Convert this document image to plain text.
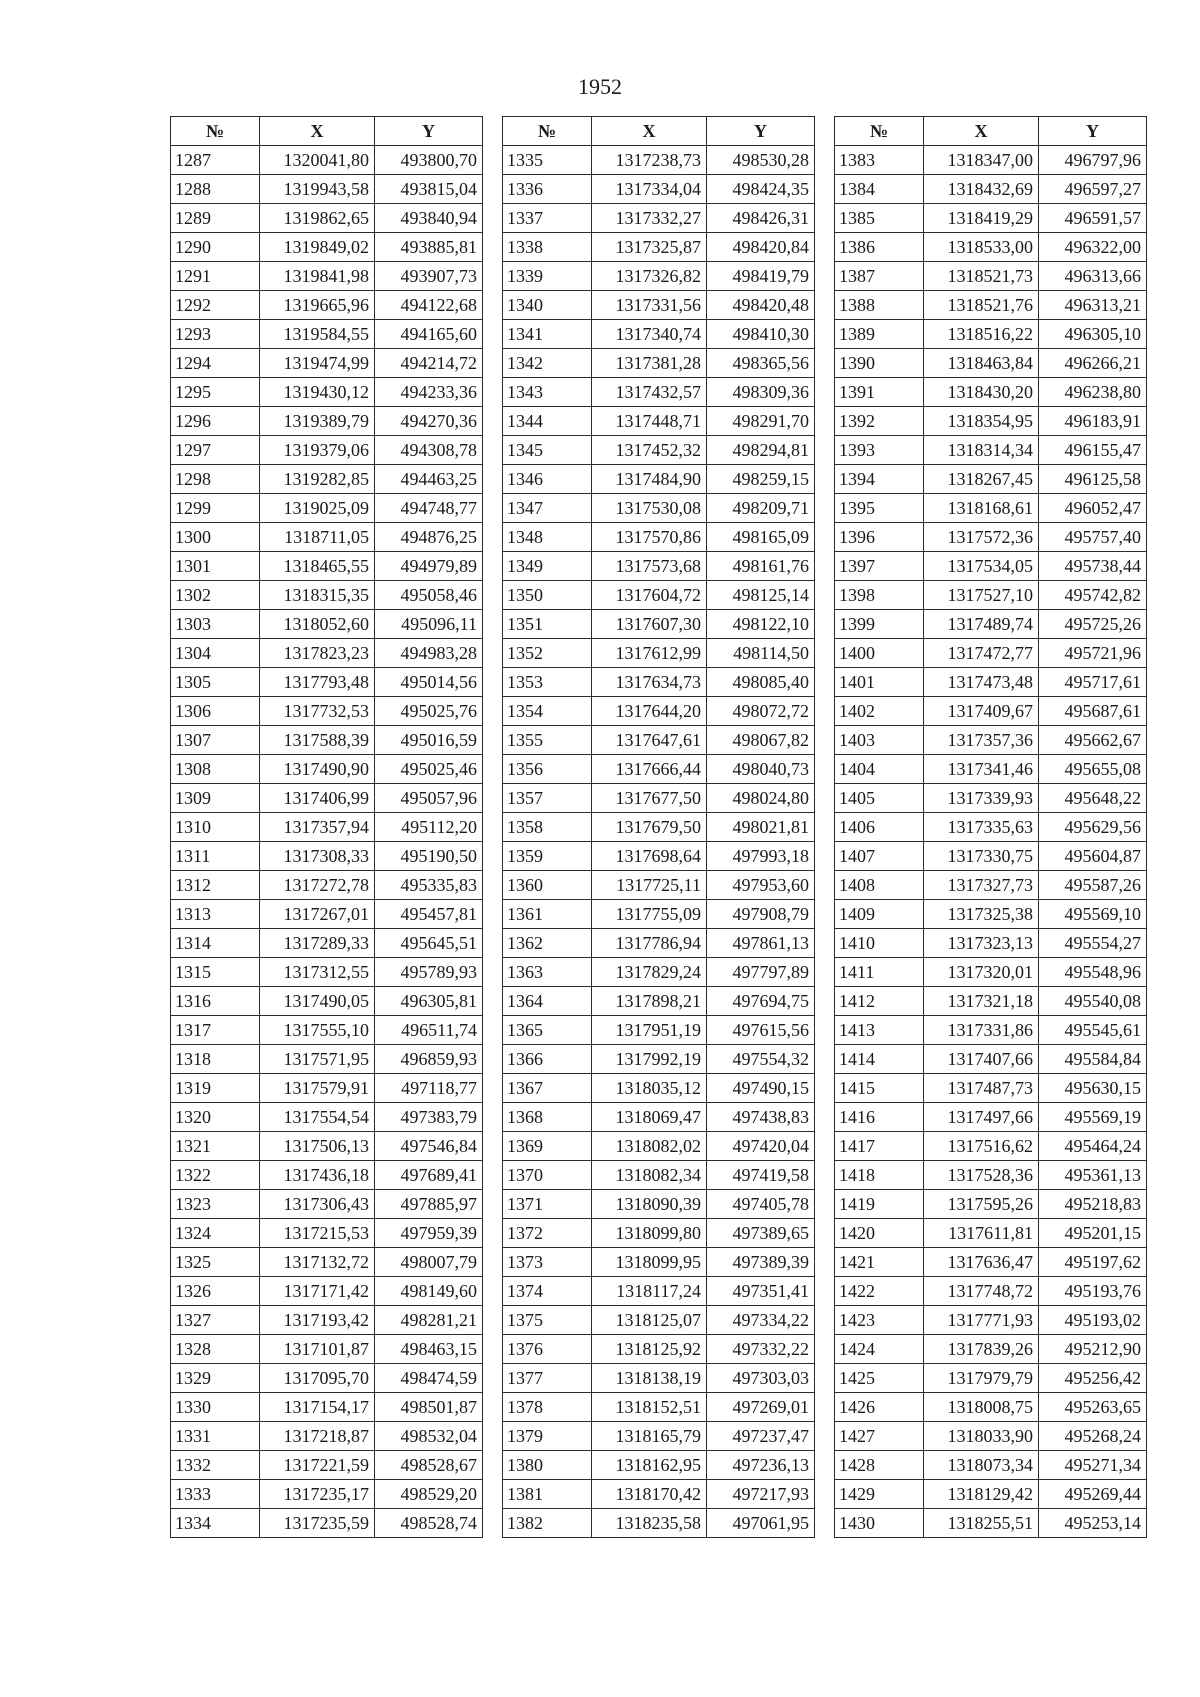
1952
№	X	Y
1287	1320041,80	493800,70
1288	1319943,58	493815,04
1289	1319862,65	493840,94
1290	1319849,02	493885,81
1291	1319841,98	493907,73
1292	1319665,96	494122,68
1293	1319584,55	494165,60
1294	1319474,99	494214,72
1295	1319430,12	494233,36
1296	1319389,79	494270,36
1297	1319379,06	494308,78
1298	1319282,85	494463,25
1299	1319025,09	494748,77
1300	1318711,05	494876,25
1301	1318465,55	494979,89
1302	1318315,35	495058,46
1303	1318052,60	495096,11
1304	1317823,23	494983,28
1305	1317793,48	495014,56
1306	1317732,53	495025,76
1307	1317588,39	495016,59
1308	1317490,90	495025,46
1309	1317406,99	495057,96
1310	1317357,94	495112,20
1311	1317308,33	495190,50
1312	1317272,78	495335,83
1313	1317267,01	495457,81
1314	1317289,33	495645,51
1315	1317312,55	495789,93
1316	1317490,05	496305,81
1317	1317555,10	496511,74
1318	1317571,95	496859,93
1319	1317579,91	497118,77
1320	1317554,54	497383,79
1321	1317506,13	497546,84
1322	1317436,18	497689,41
1323	1317306,43	497885,97
1324	1317215,53	497959,39
1325	1317132,72	498007,79
1326	1317171,42	498149,60
1327	1317193,42	498281,21
1328	1317101,87	498463,15
1329	1317095,70	498474,59
1330	1317154,17	498501,87
1331	1317218,87	498532,04
1332	1317221,59	498528,67
1333	1317235,17	498529,20
1334	1317235,59	498528,74
№	X	Y
1335	1317238,73	498530,28
1336	1317334,04	498424,35
1337	1317332,27	498426,31
1338	1317325,87	498420,84
1339	1317326,82	498419,79
1340	1317331,56	498420,48
1341	1317340,74	498410,30
1342	1317381,28	498365,56
1343	1317432,57	498309,36
1344	1317448,71	498291,70
1345	1317452,32	498294,81
1346	1317484,90	498259,15
1347	1317530,08	498209,71
1348	1317570,86	498165,09
1349	1317573,68	498161,76
1350	1317604,72	498125,14
1351	1317607,30	498122,10
1352	1317612,99	498114,50
1353	1317634,73	498085,40
1354	1317644,20	498072,72
1355	1317647,61	498067,82
1356	1317666,44	498040,73
1357	1317677,50	498024,80
1358	1317679,50	498021,81
1359	1317698,64	497993,18
1360	1317725,11	497953,60
1361	1317755,09	497908,79
1362	1317786,94	497861,13
1363	1317829,24	497797,89
1364	1317898,21	497694,75
1365	1317951,19	497615,56
1366	1317992,19	497554,32
1367	1318035,12	497490,15
1368	1318069,47	497438,83
1369	1318082,02	497420,04
1370	1318082,34	497419,58
1371	1318090,39	497405,78
1372	1318099,80	497389,65
1373	1318099,95	497389,39
1374	1318117,24	497351,41
1375	1318125,07	497334,22
1376	1318125,92	497332,22
1377	1318138,19	497303,03
1378	1318152,51	497269,01
1379	1318165,79	497237,47
1380	1318162,95	497236,13
1381	1318170,42	497217,93
1382	1318235,58	497061,95
№	X	Y
1383	1318347,00	496797,96
1384	1318432,69	496597,27
1385	1318419,29	496591,57
1386	1318533,00	496322,00
1387	1318521,73	496313,66
1388	1318521,76	496313,21
1389	1318516,22	496305,10
1390	1318463,84	496266,21
1391	1318430,20	496238,80
1392	1318354,95	496183,91
1393	1318314,34	496155,47
1394	1318267,45	496125,58
1395	1318168,61	496052,47
1396	1317572,36	495757,40
1397	1317534,05	495738,44
1398	1317527,10	495742,82
1399	1317489,74	495725,26
1400	1317472,77	495721,96
1401	1317473,48	495717,61
1402	1317409,67	495687,61
1403	1317357,36	495662,67
1404	1317341,46	495655,08
1405	1317339,93	495648,22
1406	1317335,63	495629,56
1407	1317330,75	495604,87
1408	1317327,73	495587,26
1409	1317325,38	495569,10
1410	1317323,13	495554,27
1411	1317320,01	495548,96
1412	1317321,18	495540,08
1413	1317331,86	495545,61
1414	1317407,66	495584,84
1415	1317487,73	495630,15
1416	1317497,66	495569,19
1417	1317516,62	495464,24
1418	1317528,36	495361,13
1419	1317595,26	495218,83
1420	1317611,81	495201,15
1421	1317636,47	495197,62
1422	1317748,72	495193,76
1423	1317771,93	495193,02
1424	1317839,26	495212,90
1425	1317979,79	495256,42
1426	1318008,75	495263,65
1427	1318033,90	495268,24
1428	1318073,34	495271,34
1429	1318129,42	495269,44
1430	1318255,51	495253,14
